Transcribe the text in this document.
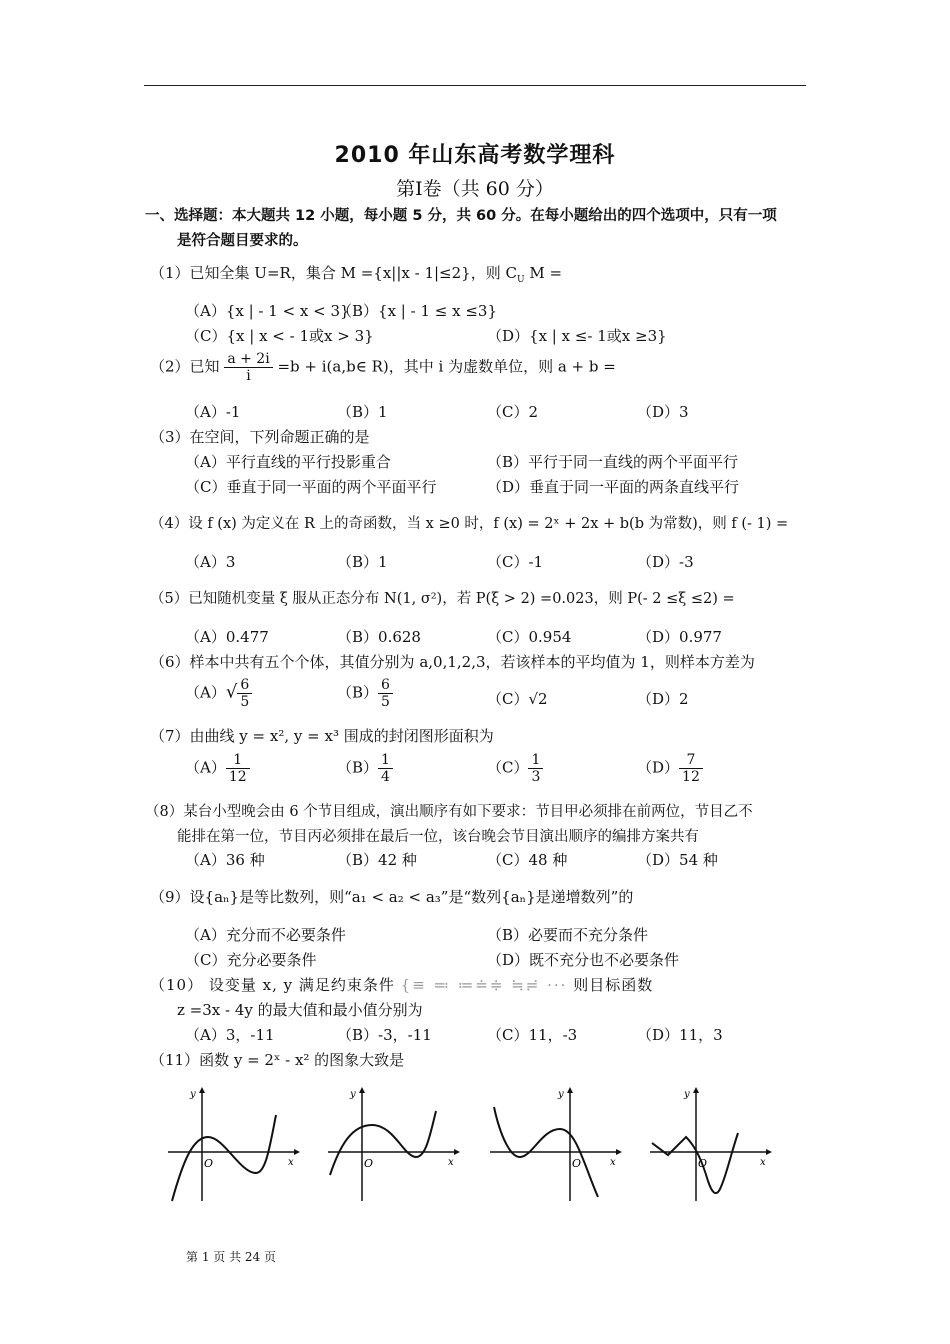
2010 年山东高考数学理科
第Ⅰ卷（共 60 分）
一、选择题：本大题共 12 小题，每小题 5 分，共 60 分。在每小题给出的四个选项中，只有一项
是符合题目要求的。
（1）已知全集 U=R，集合 M ={x||x - 1|≤2}，则 $C_U$ M =
（A）{x | - 1 < x < 3}
（B）{x | - 1 ≤ x ≤3}
（C）{x | x < - 1或x > 3}	（D）{x | x ≤- 1或x ≥3}
（2）已知 $\frac{a + 2i}{i} =b$ + i(a,b∈ R)，其中 i 为虚数单位，则 a + b =
（A）-1	（B）1	（C）2	（D）3
（3）在空间，下列命题正确的是
（A）平行直线的平行投影重合	（B）平行于同一直线的两个平面平行
（C）垂直于同一平面的两个平面平行	（D）垂直于同一平面的两条直线平行
（4）设 f (x) 为定义在 R 上的奇函数，当 x ≥0 时，f (x) = 2ˣ + 2x + b(b 为常数)，则 f (- 1) =
（A）3	（B）1	（C）-1	（D）-3
（5）已知随机变量 ξ 服从正态分布 N(1, σ²)，若 P(ξ > 2) =0.023，则 P(- 2 ≤ξ ≤2) =
（A）0.477	（B）0.628	（C）0.954	（D）0.977
（6）样本中共有五个个体，其值分别为 a,0,1,2,3，若该样本的平均值为 1，则样本方差为
$(A)√ \frac{6}{5}$	$(B) \frac{6}{5}$	（C）√2	（D）2
（7）由曲线 y = x², y = x³ 围成的封闭图形面积为
$(A) \frac{1}{12}$	$(B) \frac{1}{4}$	$(C) \frac{1}{3}$	$(D) \frac{7}{12}$
（8）某台小型晚会由 6 个节目组成，演出顺序有如下要求：节目甲必须排在前两位，节目乙不
能排在第一位，节目丙必须排在最后一位，该台晚会节目演出顺序的编排方案共有
（A）36 种	（B）42 种	（C）48 种	（D）54 种
（9）设{aₙ}是等比数列，则“a₁ < a₂ < a₃”是“数列{aₙ}是递增数列”的
（A）充分而不必要条件	（B）必要而不充分条件
（C）充分必要条件	（D）既不充分也不必要条件
（10） 设变量 x, y 满足约束条件 {≡ ≕ ≔≐≑ ≒≓ ··· 则目标函数
z =3x - 4y 的最大值和最小值分别为
（A）3，-11	（B）-3，-11	（C）11，-3	（D）11，3
（11）函数 y = 2ˣ - x² 的图象大致是
y
x
O
y
x
O
y
x
O
y
x
O
第 1 页 共 24 页
